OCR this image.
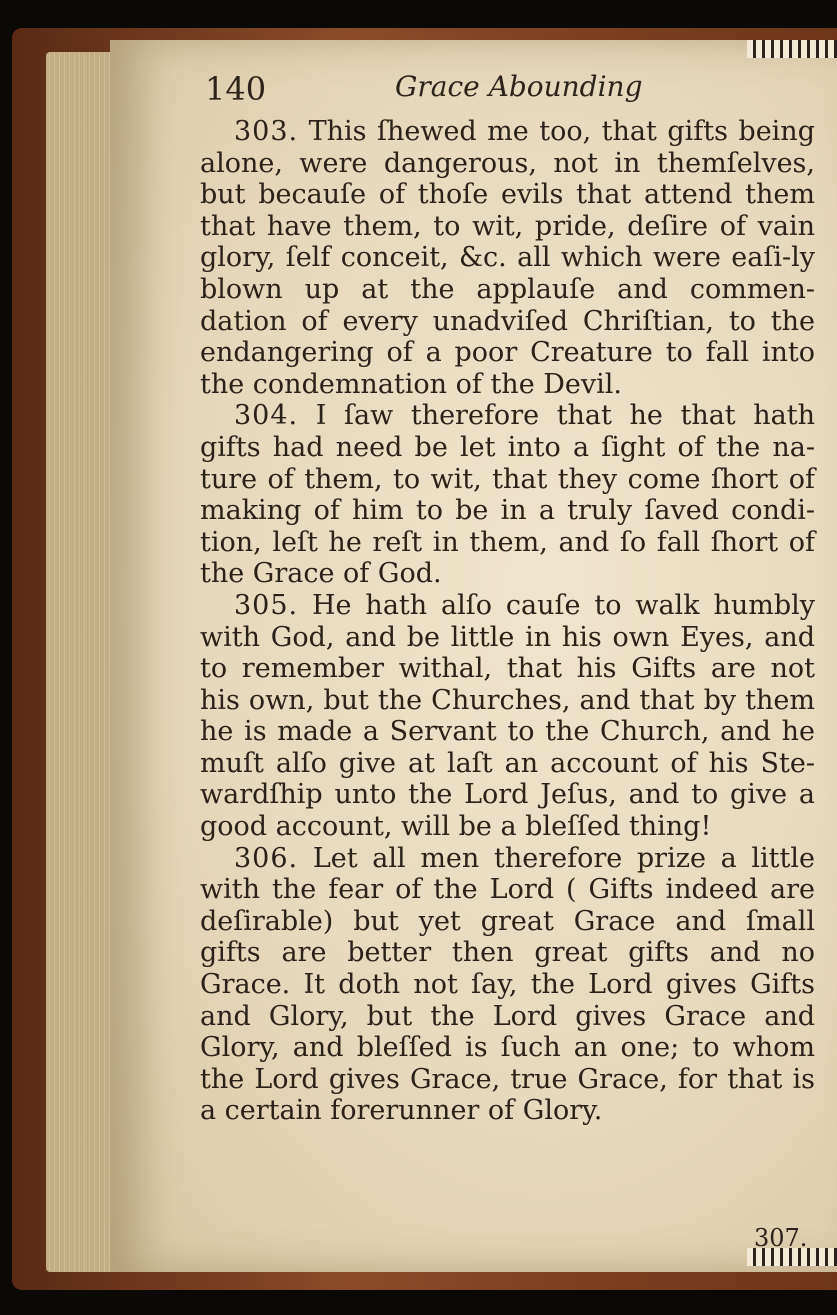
140	Grace Abounding

303. This ſhewed me too, that gifts being alone, were dangerous, not in themſelves, but becauſe of thoſe evils that attend them that have them, to wit, pride, deſire of vain glory, ſelf conceit, &c. all which were eaſi-ly blown up at the applauſe and commen-dation of every unadviſed Chriſtian, to the endangering of a poor Creature to fall into the condemnation of the Devil.

304. I ſaw therefore that he that hath gifts had need be let into a ſight of the na-ture of them, to wit, that they come ſhort of making of him to be in a truly ſaved condi-tion, leſt he reſt in them, and ſo fall ſhort of the Grace of God.

305. He hath alſo cauſe to walk humbly with God, and be little in his own Eyes, and to remember withal, that his Gifts are not his own, but the Churches, and that by them he is made a Servant to the Church, and he muſt alſo give at laſt an account of his Ste-wardſhip unto the Lord Jeſus, and to give a good account, will be a bleſſed thing!

306. Let all men therefore prize a little with the fear of the Lord ( Gifts indeed are deſirable) but yet great Grace and ſmall gifts are better then great gifts and no Grace. It doth not ſay, the Lord gives Gifts and Glory, but the Lord gives Grace and Glory, and bleſſed is ſuch an one; to whom the Lord gives Grace, true Grace, for that is a certain forerunner of Glory.

307.
